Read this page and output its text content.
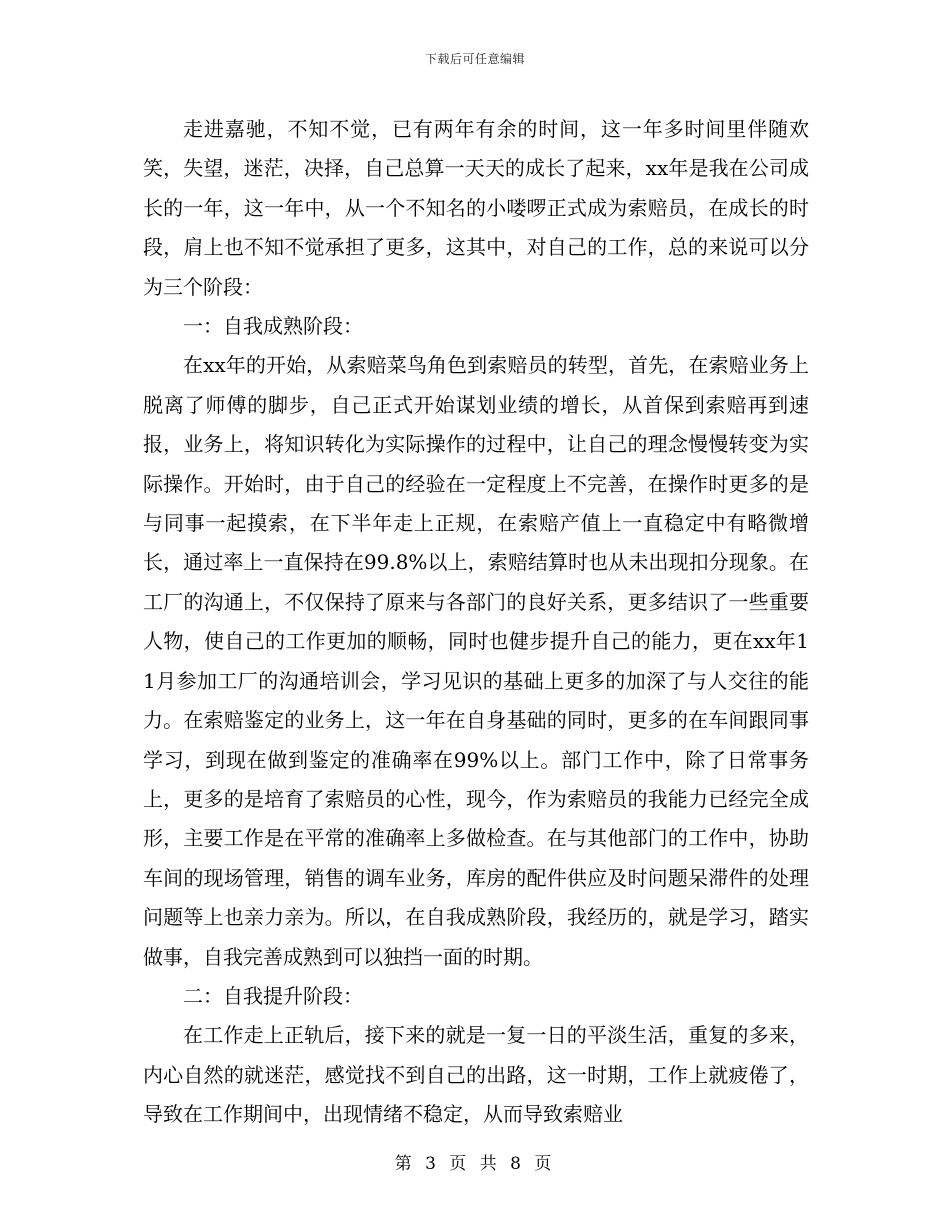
下载后可任意编辑

走进嘉驰，不知不觉，已有两年有余的时间，这一年多时间里伴随欢笑，失望，迷茫，决择，自己总算一天天的成长了起来，xx年是我在公司成长的一年，这一年中，从一个不知名的小喽啰正式成为索赔员，在成长的时段，肩上也不知不觉承担了更多，这其中，对自己的工作，总的来说可以分为三个阶段：

一：自我成熟阶段：

在xx年的开始，从索赔菜鸟角色到索赔员的转型，首先，在索赔业务上脱离了师傅的脚步，自己正式开始谋划业绩的增长，从首保到索赔再到速报，业务上，将知识转化为实际操作的过程中，让自己的理念慢慢转变为实际操作。开始时，由于自己的经验在一定程度上不完善，在操作时更多的是与同事一起摸索，在下半年走上正规，在索赔产值上一直稳定中有略微增长，通过率上一直保持在99.8%以上，索赔结算时也从未出现扣分现象。在工厂的沟通上，不仅保持了原来与各部门的良好关系，更多结识了一些重要人物，使自己的工作更加的顺畅，同时也健步提升自己的能力，更在xx年11月参加工厂的沟通培训会，学习见识的基础上更多的加深了与人交往的能力。在索赔鉴定的业务上，这一年在自身基础的同时，更多的在车间跟同事学习，到现在做到鉴定的准确率在99%以上。部门工作中，除了日常事务上，更多的是培育了索赔员的心性，现今，作为索赔员的我能力已经完全成形，主要工作是在平常的准确率上多做检查。在与其他部门的工作中，协助车间的现场管理，销售的调车业务，库房的配件供应及时问题呆滞件的处理问题等上也亲力亲为。所以，在自我成熟阶段，我经历的，就是学习，踏实做事，自我完善成熟到可以独挡一面的时期。

二：自我提升阶段：

在工作走上正轨后，接下来的就是一复一日的平淡生活，重复的多来，内心自然的就迷茫，感觉找不到自己的出路，这一时期，工作上就疲倦了，导致在工作期间中，出现情绪不稳定，从而导致索赔业

第 3 页 共 8 页
